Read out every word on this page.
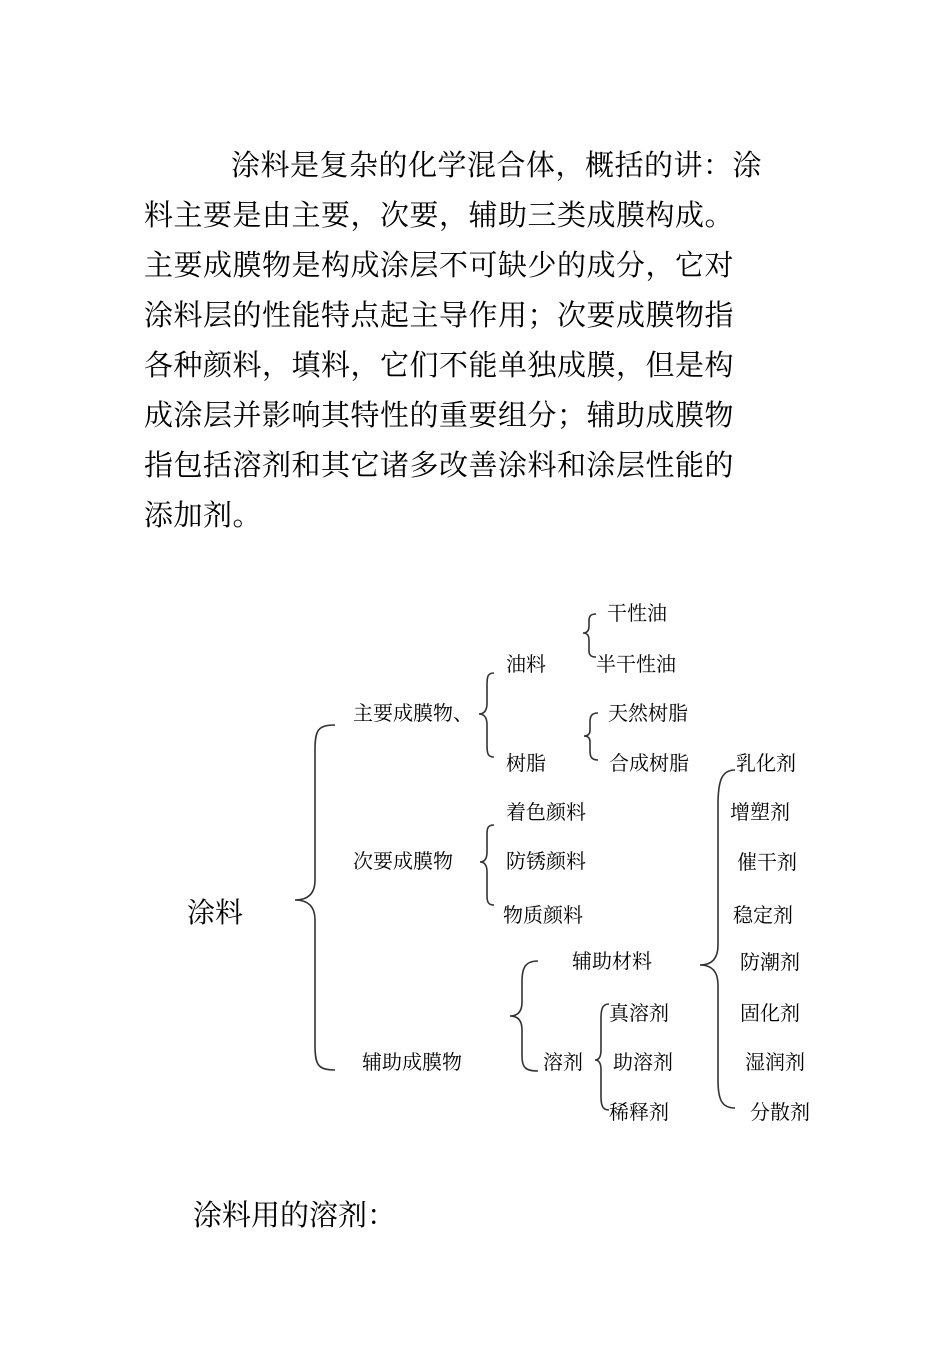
涂料是复杂的化学混合体，概括的讲：涂
料主要是由主要，次要，辅助三类成膜构成。
主要成膜物是构成涂层不可缺少的成分，它对
涂料层的性能特点起主导作用；次要成膜物指
各种颜料，填料，它们不能单独成膜，但是构
成涂层并影响其特性的重要组分；辅助成膜物
指包括溶剂和其它诸多改善涂料和涂层性能的
添加剂。
涂料
主要成膜物、
油料
干性油
半干性油
树脂
天然树脂
合成树脂
次要成膜物
着色颜料
防锈颜料
物质颜料
辅助成膜物
辅助材料
溶剂
真溶剂
助溶剂
稀释剂
乳化剂
增塑剂
催干剂
稳定剂
防潮剂
固化剂
湿润剂
分散剂
涂料用的溶剂：
